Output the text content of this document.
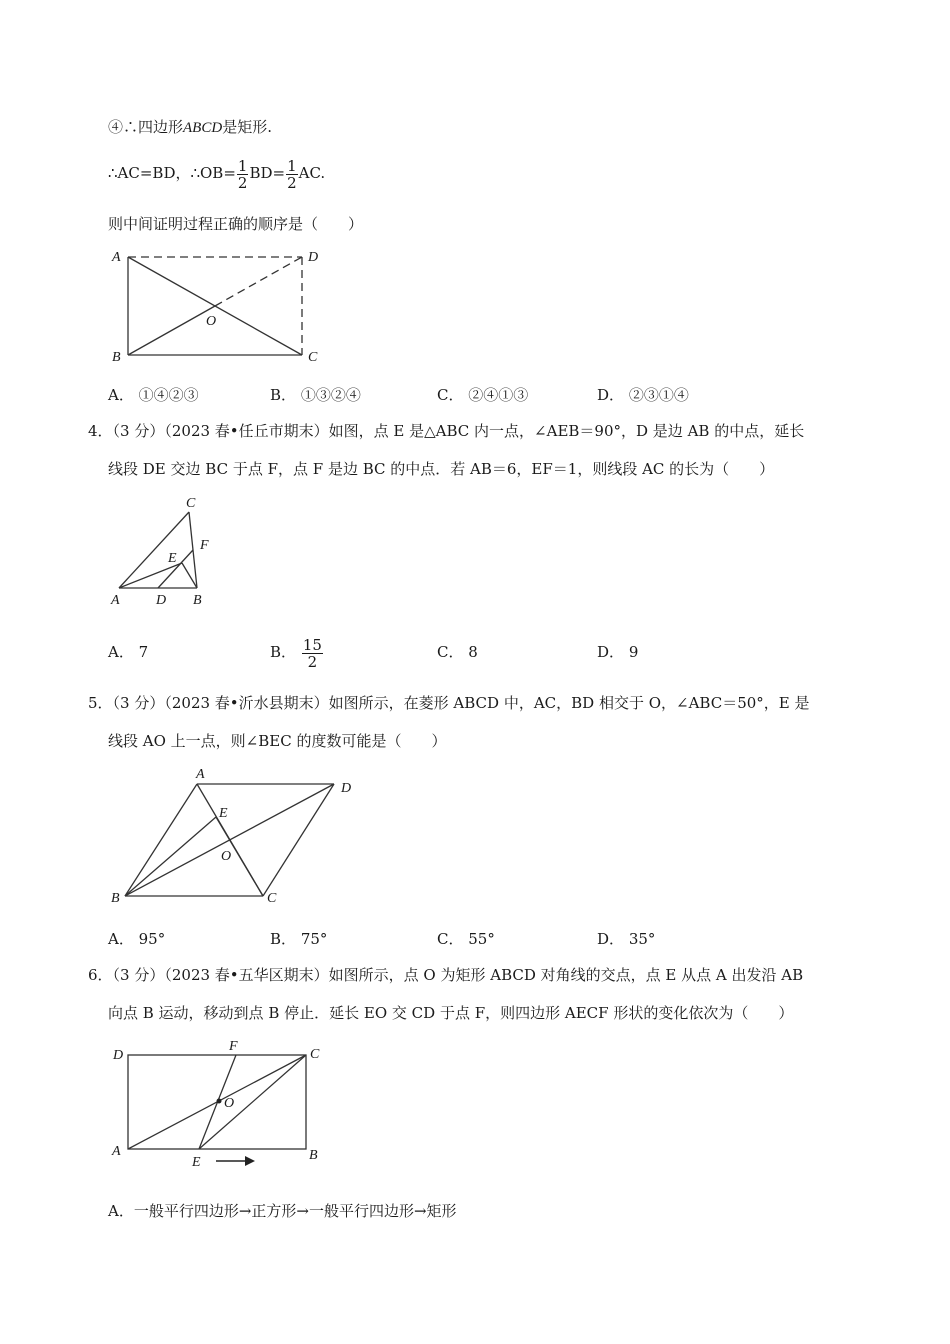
④∴四边形ABCD是矩形.
∴AC=BD，∴OB= $\frac{1}{2} BD= \frac{1}{2}$ AC.
则中间证明过程正确的顺序是（　　）
A	D
O
B	C
A． ①④②③	B． ①③②④	C． ②④①③	D． ②③①④
4．（3 分）（2023 春•任丘市期末）如图，点 E 是△ABC 内一点，∠AEB＝90°，D 是边 AB 的中点，延长
线段 DE 交边 BC 于点 F，点 F 是边 BC 的中点．若 AB＝6，EF＝1，则线段 AC 的长为（　　）
C
F
E
A	D B
A． 7	B． $\frac{15}{2}$	C． 8	D． 9
5．（3 分）（2023 春•沂水县期末）如图所示，在菱形 ABCD 中，AC，BD 相交于 O，∠ABC＝50°，E 是
线段 AO 上一点，则∠BEC 的度数可能是（　　）
A
D
E
O
B	C
A． 95°	B． 75°	C． 55°	D． 35°
6．（3 分）（2023 春•五华区期末）如图所示，点 O 为矩形 ABCD 对角线的交点，点 E 从点 A 出发沿 AB
向点 B 运动，移动到点 B 停止．延长 EO 交 CD 于点 F，则四边形 AECF 形状的变化依次为（　　）
D
F
C
O
A	B
E
A．一般平行四边形→正方形→一般平行四边形→矩形
